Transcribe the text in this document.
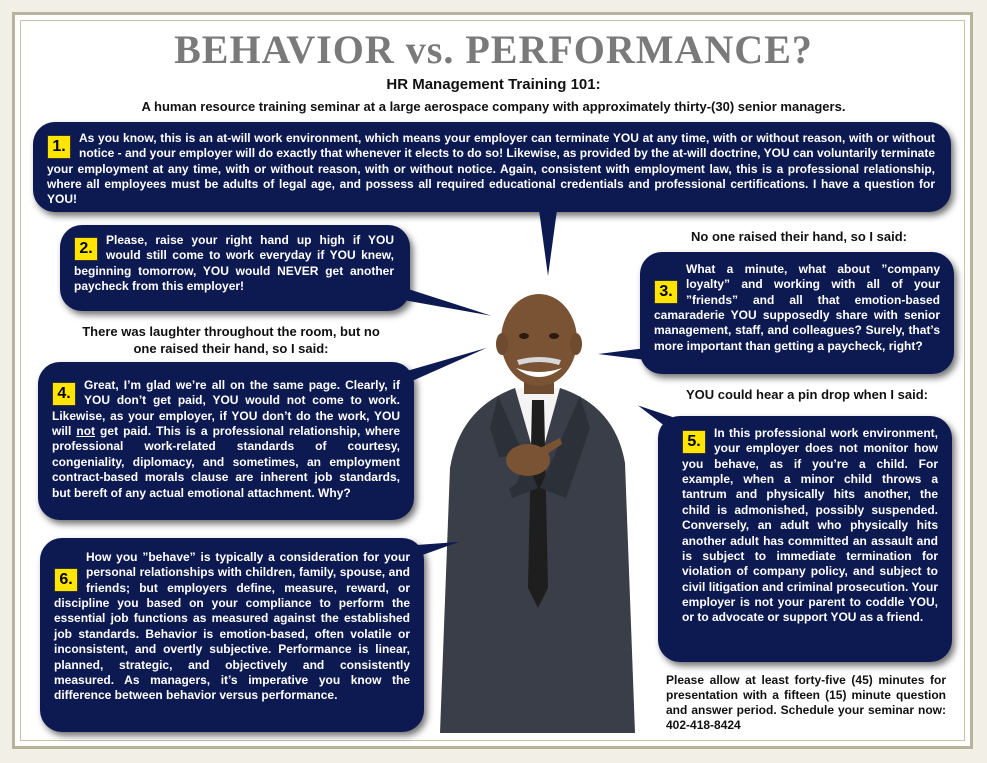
BEHAVIOR vs. PERFORMANCE?
HR Management Training 101:

A human resource training seminar at a large aerospace company with approximately thirty-(30) senior managers.

1.	As you know, this is an at-will work environment, which means your employer can terminate YOU at any time, with or without reason, with or without notice - and your employer will do exactly that whenever it elects to do so! Likewise, as provided by the at-will doctrine, YOU can voluntarily terminate your employment at any time, with or without reason, with or without notice. Again, consistent with employment law, this is a professional relationship, where all employees must be adults of legal age, and possess all required educational credentials and professional certifications. I have a question for YOU!

2.	Please, raise your right hand up high if YOU would still come to work everyday if YOU knew, beginning tomorrow, YOU would NEVER get another paycheck from this employer!

No one raised their hand, so I said:

3.

What a minute, what about ”company loyalty” and working with all of your ”friends” and all that emotion-based camaraderie YOU supposedly share with senior management, staff, and colleagues? Surely, that’s more important than getting a paycheck, right?

There was laughter throughout the room, but no one raised their hand, so I said:

4.	Great, I’m glad we’re all on the same page. Clearly, if YOU don’t get paid, YOU would not come to work. Likewise, as your employer, if YOU don’t do the work, YOU will not get paid. This is a professional relationship, where professional work-related standards of courtesy, congeniality, diplomacy, and sometimes, an employment contract-based morals clause are inherent job standards, but bereft of any actual emotional attachment. Why?

YOU could hear a pin drop when I said:

5.	In this professional work environment, your employer does not monitor how you behave, as if you’re a child. For example, when a minor child throws a tantrum and physically hits another, the child is admonished, possibly suspended. Conversely, an adult who physically hits another adult has committed an assault and is subject to immediate termination for violation of company policy, and subject to civil litigation and criminal prosecution. Your employer is not your parent to coddle YOU, or to advocate or support YOU as a friend.

6.

How you ”behave” is typically a consideration for your personal relationships with children, family, spouse, and friends; but employers define, measure, reward, or discipline you based on your compliance to perform the essential job functions as measured against the established job standards. Behavior is emotion-based, often volatile or inconsistent, and overtly subjective. Performance is linear, planned, strategic, and objectively and consistently measured. As managers, it’s imperative you know the difference between behavior versus performance.

Please allow at least forty-five (45) minutes for presentation with a fifteen (15) minute question and answer period. Schedule your seminar now: 402-418-8424
